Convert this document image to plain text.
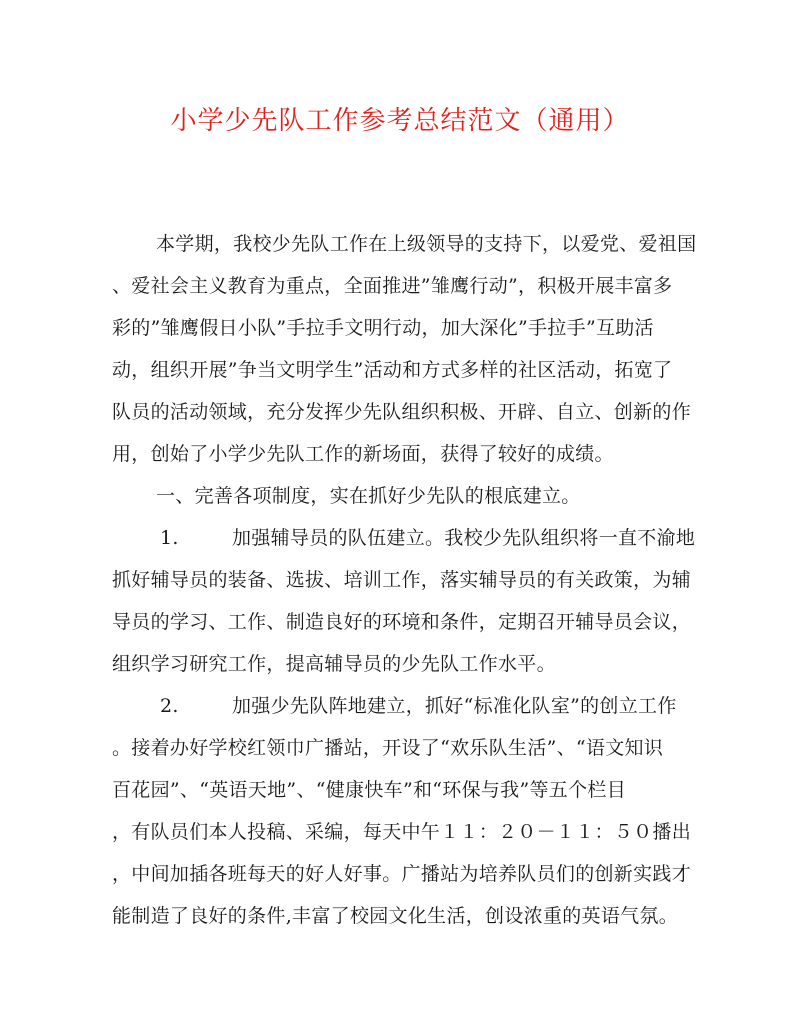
小学少先队工作参考总结范文（通用）
本学期，我校少先队工作在上级领导的支持下，以爱党、爱祖国
、爱社会主义教育为重点，全面推进”雏鹰行动”，积极开展丰富多
彩的”雏鹰假日小队”手拉手文明行动，加大深化”手拉手”互助活
动，组织开展”争当文明学生”活动和方式多样的社区活动，拓宽了
队员的活动领域，充分发挥少先队组织积极、开辟、自立、创新的作
用，创始了小学少先队工作的新场面，获得了较好的成绩。
一、完善各项制度，实在抓好少先队的根底建立。
1.	加强辅导员的队伍建立。我校少先队组织将一直不渝地
抓好辅导员的装备、选拔、培训工作，落实辅导员的有关政策，为辅
导员的学习、工作、制造良好的环境和条件，定期召开辅导员会议，
组织学习研究工作，提高辅导员的少先队工作水平。
2.	加强少先队阵地建立，抓好“标准化队室”的创立工作
。接着办好学校红领巾广播站，开设了“欢乐队生活”、“语文知识
百花园”、“英语天地”、“健康快车”和“环保与我”等五个栏目
，有队员们本人投稿、采编，每天中午１１：２０－１１：５０播出
，中间加插各班每天的好人好事。广播站为培养队员们的创新实践才
能制造了良好的条件,丰富了校园文化生活，创设浓重的英语气氛。
